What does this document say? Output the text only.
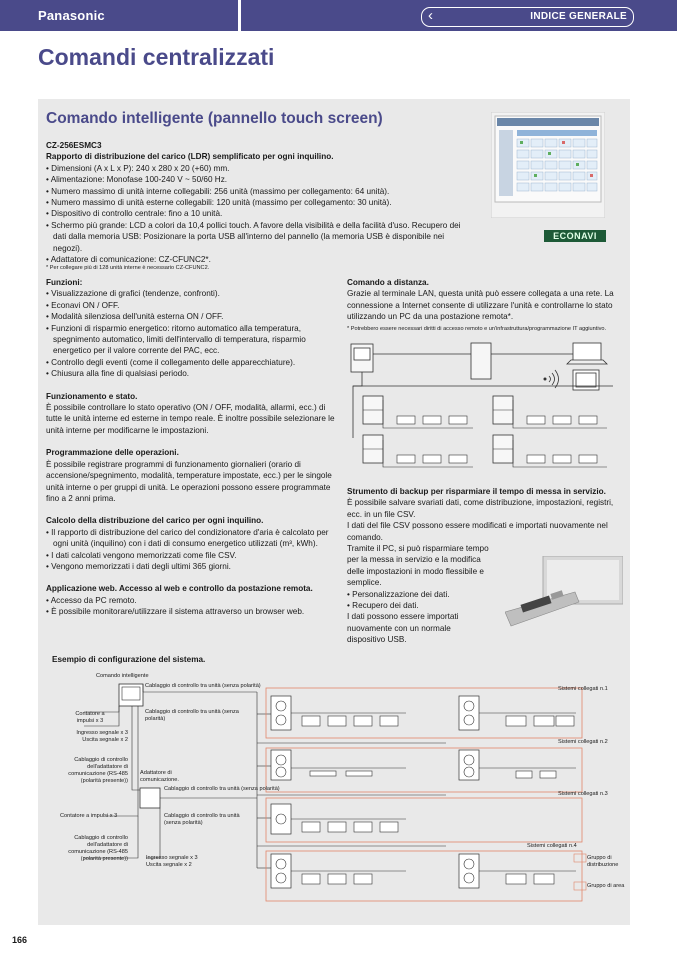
Panasonic	‹	INDICE GENERALE
Comandi centralizzati
Comando intelligente (pannello touch screen)
ECONAVI
CZ-256ESMC3
Rapporto di distribuzione del carico (LDR) semplificato per ogni inquilino.
• Dimensioni (A x L x P): 240 x 280 x 20 (+60) mm.
• Alimentazione: Monofase 100-240 V ~ 50/60 Hz.
• Numero massimo di unità interne collegabili: 256 unità (massimo per collegamento: 64 unità).
• Numero massimo di unità esterne collegabili: 120 unità (massimo per collegamento: 30 unità).
• Dispositivo di controllo centrale: fino a 10 unità.
• Schermo più grande: LCD a colori da 10,4 pollici touch. A favore della visibilità e della facilità d'uso. Recupero dei dati dalla memoria USB: Posizionare la porta USB all'interno del pannello (la memoria USB è disponibile nei negozi).
• Adattatore di comunicazione: CZ-CFUNC2*.
* Per collegare più di 128 unità interne è necessario CZ-CFUNC2.
Funzioni:
• Visualizzazione di grafici (tendenze, confronti).
• Econavi ON / OFF.
• Modalità silenziosa dell'unità esterna ON / OFF.
• Funzioni di risparmio energetico: ritorno automatico alla temperatura, spegnimento automatico, limiti dell'intervallo di temperatura, risparmio energetico per il valore corrente del PAC, ecc.
• Controllo degli eventi (come il collegamento delle apparecchiature).
• Chiusura alla fine di qualsiasi periodo.
Funzionamento e stato.
È possibile controllare lo stato operativo (ON / OFF, modalità, allarmi, ecc.) di tutte le unità interne ed esterne in tempo reale. È inoltre possibile selezionare le unità interne per modificarne le impostazioni.
Programmazione delle operazioni.
È possibile registrare programmi di funzionamento giornalieri (orario di accensione/spegnimento, modalità, temperature impostate, ecc.) per le singole unità interne o per gruppi di unità. Le operazioni possono essere programmate fino a 2 anni prima.
Calcolo della distribuzione del carico per ogni inquilino.
• Il rapporto di distribuzione del carico del condizionatore d'aria è calcolato per ogni unità (inquilino) con i dati di consumo energetico utilizzati (m³, kWh).
• I dati calcolati vengono memorizzati come file CSV.
• Vengono memorizzati i dati degli ultimi 365 giorni.
Applicazione web. Accesso al web e controllo da postazione remota.
• Accesso da PC remoto.
• È possibile monitorare/utilizzare il sistema attraverso un browser web.
Comando a distanza.
Grazie al terminale LAN, questa unità può essere collegata a una rete. La connessione a Internet consente di utilizzare l'unità e controllarne lo stato utilizzando un PC da una postazione remota*.
* Potrebbero essere necessari diritti di accesso remoto e un'infrastruttura/programmazione IT aggiuntivo.
Strumento di backup per risparmiare il tempo di messa in servizio.
È possibile salvare svariati dati, come distribuzione, impostazioni, registri, ecc. in un file CSV.
I dati del file CSV possono essere modificati e importati nuovamente nel comando.
Tramite il PC, si può risparmiare tempo per la messa in servizio e la modifica delle impostazioni in modo flessibile e semplice.
• Personalizzazione dei dati.
• Recupero dei dati.
I dati possono essere importati nuovamente con un normale dispositivo USB.
Esempio di configurazione del sistema.
Comando intelligente
Cablaggio di controllo tra unità (senza polarità)
Contatore a impulsi x 3
Cablaggio di controllo tra unità (senza polarità)
Ingresso segnale x 3
Uscita segnale x 2
Cablaggio di controllo dell'adattatore di comunicazione (RS-485 (polarità presente))
Adattatore di comunicazione.
Cablaggio di controllo tra unità (senza polarità)
Contatore a impulsi x 3	Cablaggio di controllo tra unità (senza polarità)
Cablaggio di controllo dell'adattatore di comunicazione (RS-485 (polarità presente))	Ingresso segnale x 3
Uscita segnale x 2
Sistemi collegati n.1
Sistemi collegati n.2
Sistemi collegati n.3
Sistemi collegati n.4
Gruppo di distribuzione
Gruppo di area
166
